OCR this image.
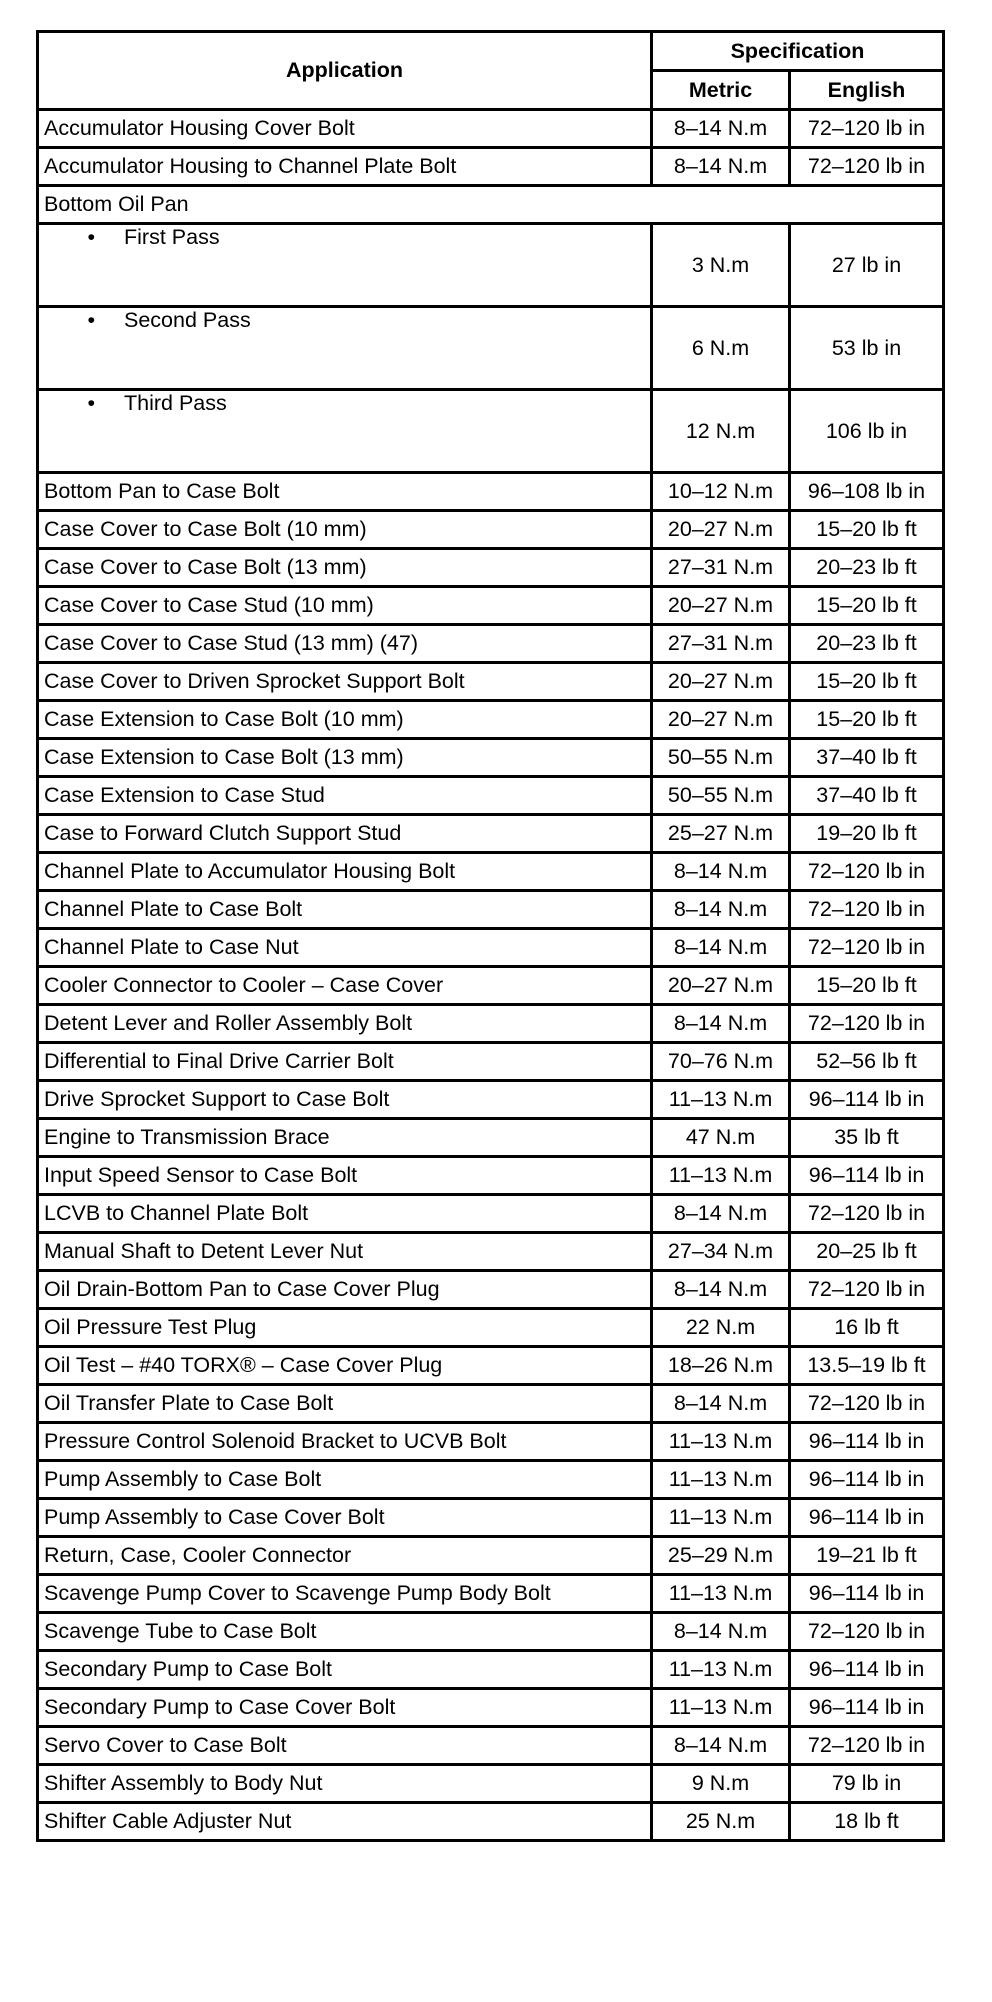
Application	Specification	
	Metric	English
Accumulator Housing Cover Bolt	8–14 N.m	72–120 lb in
Accumulator Housing to Channel Plate Bolt	8–14 N.m	72–120 lb in
Bottom Oil Pan		
• First Pass	3 N.m	27 lb in
• Second Pass	6 N.m	53 lb in
• Third Pass	12 N.m	106 lb in
Bottom Pan to Case Bolt	10–12 N.m	96–108 lb in
Case Cover to Case Bolt (10 mm)	20–27 N.m	15–20 lb ft
Case Cover to Case Bolt (13 mm)	27–31 N.m	20–23 lb ft
Case Cover to Case Stud (10 mm)	20–27 N.m	15–20 lb ft
Case Cover to Case Stud (13 mm) (47)	27–31 N.m	20–23 lb ft
Case Cover to Driven Sprocket Support Bolt	20–27 N.m	15–20 lb ft
Case Extension to Case Bolt (10 mm)	20–27 N.m	15–20 lb ft
Case Extension to Case Bolt (13 mm)	50–55 N.m	37–40 lb ft
Case Extension to Case Stud	50–55 N.m	37–40 lb ft
Case to Forward Clutch Support Stud	25–27 N.m	19–20 lb ft
Channel Plate to Accumulator Housing Bolt	8–14 N.m	72–120 lb in
Channel Plate to Case Bolt	8–14 N.m	72–120 lb in
Channel Plate to Case Nut	8–14 N.m	72–120 lb in
Cooler Connector to Cooler – Case Cover	20–27 N.m	15–20 lb ft
Detent Lever and Roller Assembly Bolt	8–14 N.m	72–120 lb in
Differential to Final Drive Carrier Bolt	70–76 N.m	52–56 lb ft
Drive Sprocket Support to Case Bolt	11–13 N.m	96–114 lb in
Engine to Transmission Brace	47 N.m	35 lb ft
Input Speed Sensor to Case Bolt	11–13 N.m	96–114 lb in
LCVB to Channel Plate Bolt	8–14 N.m	72–120 lb in
Manual Shaft to Detent Lever Nut	27–34 N.m	20–25 lb ft
Oil Drain-Bottom Pan to Case Cover Plug	8–14 N.m	72–120 lb in
Oil Pressure Test Plug	22 N.m	16 lb ft
Oil Test – #40 TORX® – Case Cover Plug	18–26 N.m	13.5–19 lb ft
Oil Transfer Plate to Case Bolt	8–14 N.m	72–120 lb in
Pressure Control Solenoid Bracket to UCVB Bolt	11–13 N.m	96–114 lb in
Pump Assembly to Case Bolt	11–13 N.m	96–114 lb in
Pump Assembly to Case Cover Bolt	11–13 N.m	96–114 lb in
Return, Case, Cooler Connector	25–29 N.m	19–21 lb ft
Scavenge Pump Cover to Scavenge Pump Body Bolt	11–13 N.m	96–114 lb in
Scavenge Tube to Case Bolt	8–14 N.m	72–120 lb in
Secondary Pump to Case Bolt	11–13 N.m	96–114 lb in
Secondary Pump to Case Cover Bolt	11–13 N.m	96–114 lb in
Servo Cover to Case Bolt	8–14 N.m	72–120 lb in
Shifter Assembly to Body Nut	9 N.m	79 lb in
Shifter Cable Adjuster Nut	25 N.m	18 lb ft
